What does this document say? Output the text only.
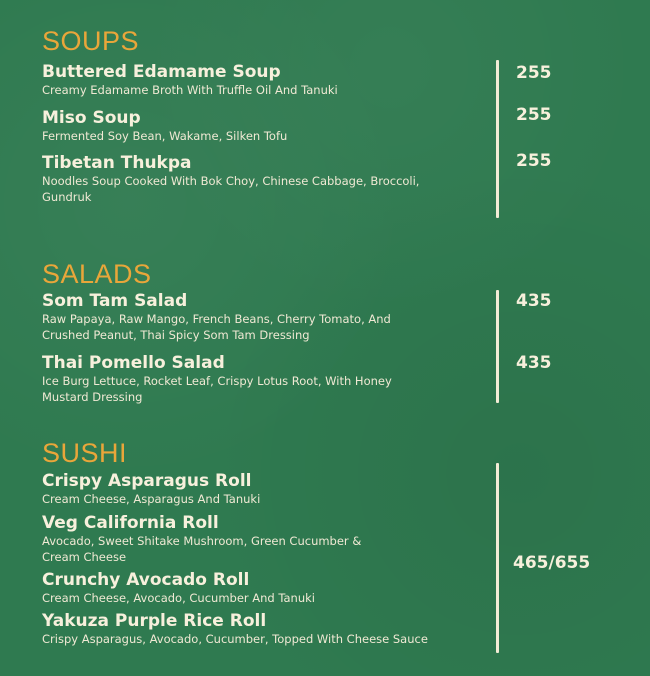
SOUPS
Buttered Edamame Soup
Creamy Edamame Broth With Truffle Oil And Tanuki
Miso Soup
Fermented Soy Bean, Wakame, Silken Tofu
Tibetan Thukpa
Noodles Soup Cooked With Bok Choy, Chinese Cabbage, Broccoli, Gundruk
255
255
255
SALADS
Som Tam Salad
Raw Papaya, Raw Mango, French Beans, Cherry Tomato, And Crushed Peanut, Thai Spicy Som Tam Dressing
Thai Pomello Salad
Ice Burg Lettuce, Rocket Leaf, Crispy Lotus Root, With Honey Mustard Dressing
435
435
SUSHI
Crispy Asparagus Roll
Cream Cheese, Asparagus And Tanuki
Veg California Roll
Avocado, Sweet Shitake Mushroom, Green Cucumber & Cream Cheese
Crunchy Avocado Roll
Cream Cheese, Avocado, Cucumber And Tanuki
Yakuza Purple Rice Roll
Crispy Asparagus, Avocado, Cucumber, Topped With Cheese Sauce
465/655
